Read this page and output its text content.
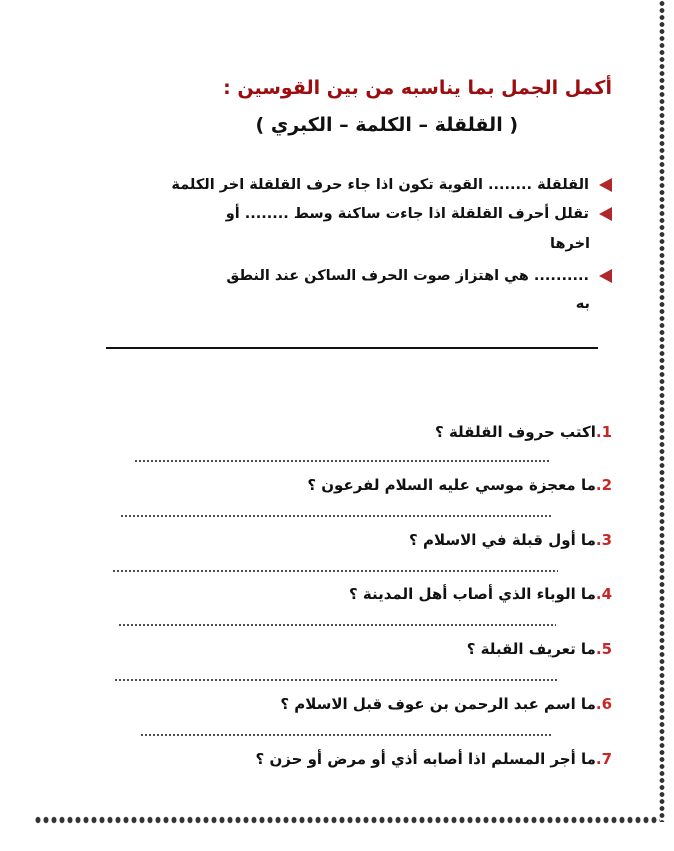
أكمل الجمل بما يناسبه من بين القوسين :
( القلقلة – الكلمة – الكبري )
القلقلة ........ القوية تكون اذا جاء حرف القلقلة اخر الكلمة
تقلل أحرف القلقلة اذا جاءت ساكنة وسط ........ أو
اخرها
.......... هي اهتزاز صوت الحرف الساكن عند النطق
به
1.اكتب حروف القلقلة ؟
2.ما معجزة موسي عليه السلام لفرعون ؟
3.ما أول قبلة في الاسلام ؟
4.ما الوباء الذي أصاب أهل المدينة ؟
5.ما تعريف القبلة ؟
6.ما اسم عبد الرحمن بن عوف قبل الاسلام ؟
7.ما أجر المسلم اذا أصابه أذي أو مرض أو حزن ؟
